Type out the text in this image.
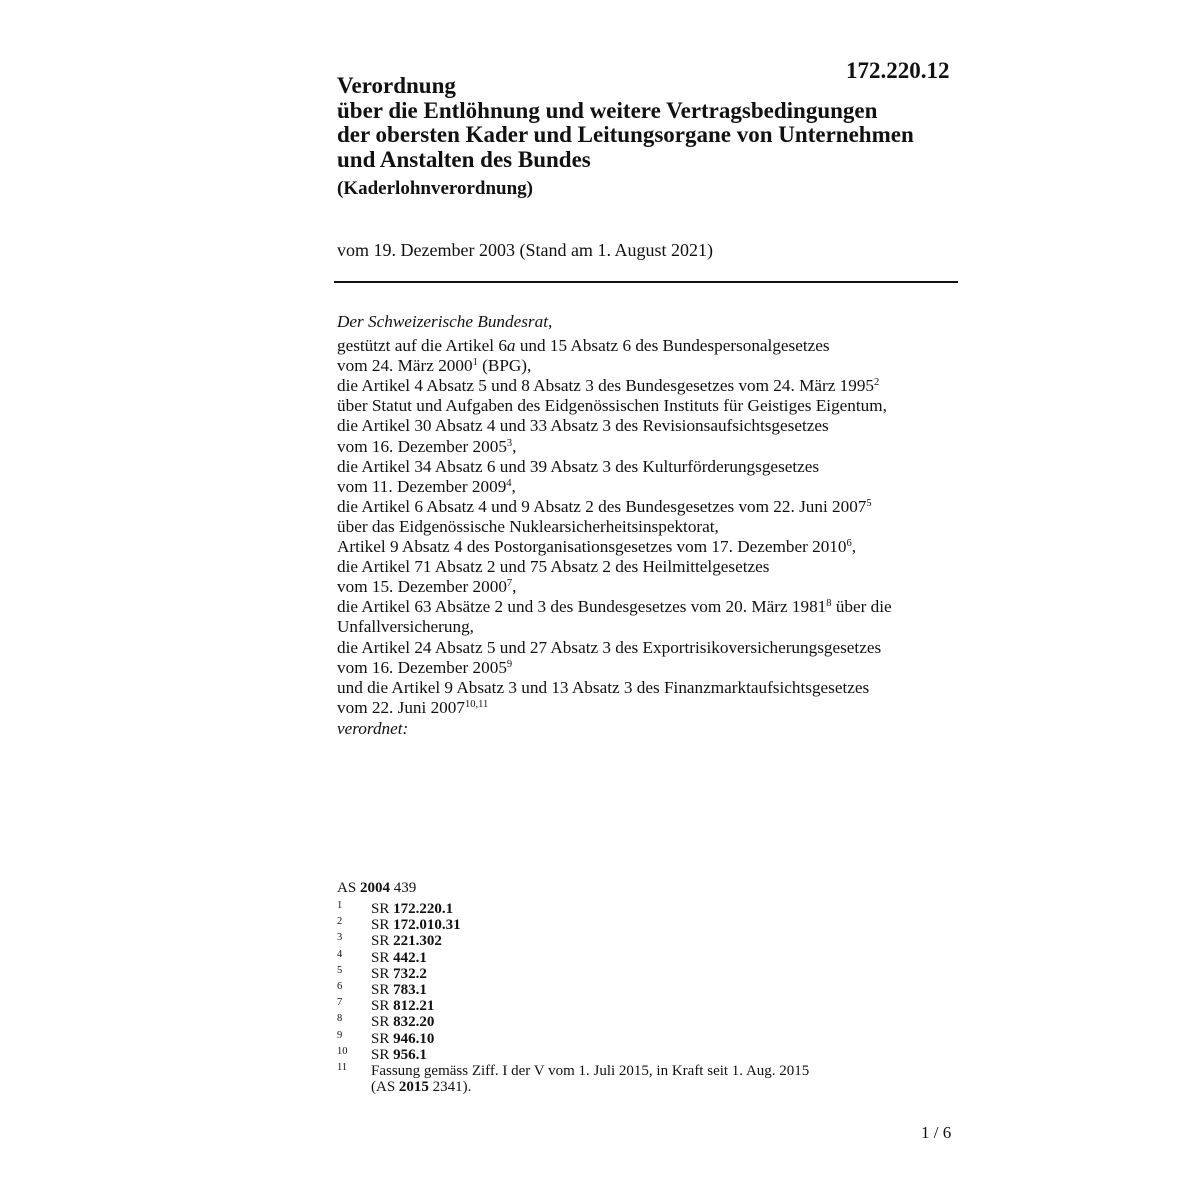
172.220.12
Verordnung
über die Entlöhnung und weitere Vertragsbedingungen
der obersten Kader und Leitungsorgane von Unternehmen
und Anstalten des Bundes
(Kaderlohnverordnung)
vom 19. Dezember 2003 (Stand am 1. August 2021)
Der Schweizerische Bundesrat,
gestützt auf die Artikel 6a und 15 Absatz 6 des Bundespersonalgesetzes
vom 24. März 2000$^1$ (BPG),
die Artikel 4 Absatz 5 und 8 Absatz 3 des Bundesgesetzes vom 24. März 1995$^2$
über Statut und Aufgaben des Eidgenössischen Instituts für Geistiges Eigentum,
die Artikel 30 Absatz 4 und 33 Absatz 3 des Revisionsaufsichtsgesetzes
vom 16. Dezember 2005$^3$,
die Artikel 34 Absatz 6 und 39 Absatz 3 des Kulturförderungsgesetzes
vom 11. Dezember 2009$^4$,
die Artikel 6 Absatz 4 und 9 Absatz 2 des Bundesgesetzes vom 22. Juni 2007$^5$
über das Eidgenössische Nuklearsicherheitsinspektorat,
Artikel 9 Absatz 4 des Postorganisationsgesetzes vom 17. Dezember 2010$^6$,
die Artikel 71 Absatz 2 und 75 Absatz 2 des Heilmittelgesetzes
vom 15. Dezember 2000$^7$,
die Artikel 63 Absätze 2 und 3 des Bundesgesetzes vom 20. März 1981$^8$ über die
Unfallversicherung,
die Artikel 24 Absatz 5 und 27 Absatz 3 des Exportrisikoversicherungsgesetzes
vom 16. Dezember 2005$^9$
und die Artikel 9 Absatz 3 und 13 Absatz 3 des Finanzmarktaufsichtsgesetzes
vom 22. Juni 2007$^{10,11}$
verordnet:
AS 2004 439
1 SR 172.220.1
2 SR 172.010.31
3 SR 221.302
4 SR 442.1
5 SR 732.2
6 SR 783.1
7 SR 812.21
8 SR 832.20
9 SR 946.10
10 SR 956.1
11 Fassung gemäss Ziff. I der V vom 1. Juli 2015, in Kraft seit 1. Aug. 2015
(AS 2015 2341).
1 / 6
